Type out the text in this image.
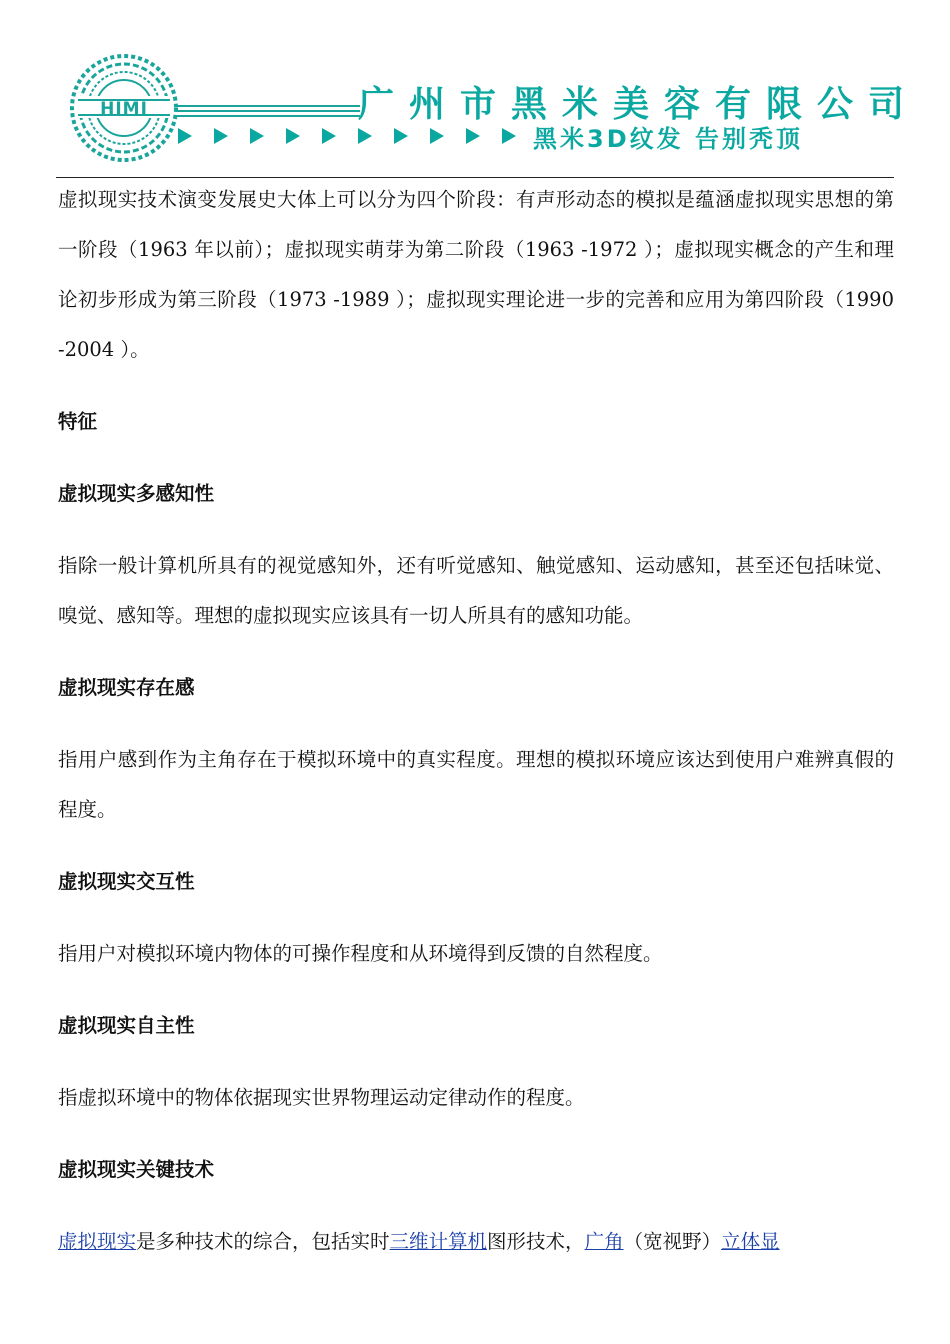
HIMI	广州市黑米美容有限公司
黑米3D纹发 告别秃顶

虚拟现实技术演变发展史大体上可以分为四个阶段：有声形动态的模拟是蕴涵虚拟现实思想的第一阶段（1963 年以前）；虚拟现实萌芽为第二阶段（1963 -1972 ）；虚拟现实概念的产生和理论初步形成为第三阶段（1973 -1989 ）；虚拟现实理论进一步的完善和应用为第四阶段（1990 -2004 ）。

特征

虚拟现实多感知性

指除一般计算机所具有的视觉感知外，还有听觉感知、触觉感知、运动感知，甚至还包括味觉、嗅觉、感知等。理想的虚拟现实应该具有一切人所具有的感知功能。

虚拟现实存在感

指用户感到作为主角存在于模拟环境中的真实程度。理想的模拟环境应该达到使用户难辨真假的程度。

虚拟现实交互性

指用户对模拟环境内物体的可操作程度和从环境得到反馈的自然程度。

虚拟现实自主性

指虚拟环境中的物体依据现实世界物理运动定律动作的程度。

虚拟现实关键技术

虚拟现实是多种技术的综合，包括实时三维计算机图形技术，广角（宽视野）立体显
